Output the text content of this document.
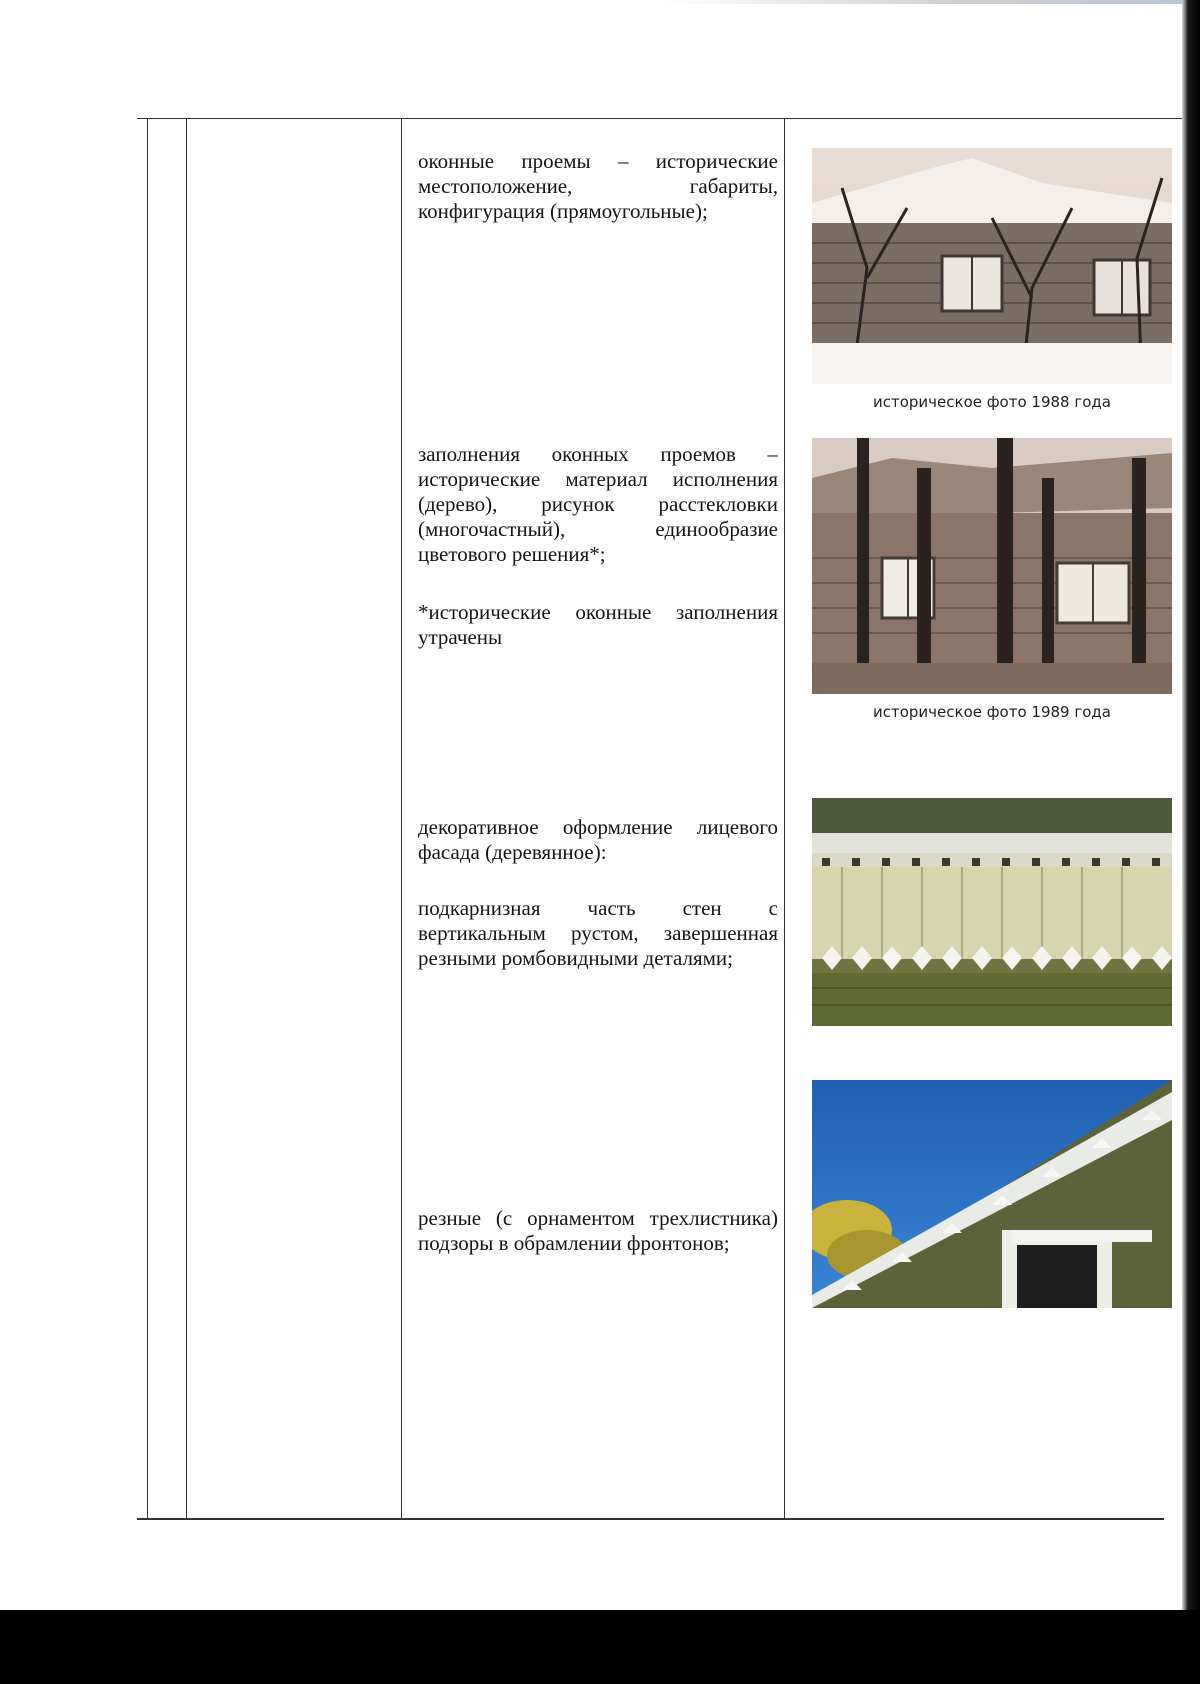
оконные проемы – исторические местоположение, габариты, конфигурация (прямоугольные);
историческое фото 1988 года
заполнения оконных проемов – исторические материал исполнения (дерево), рисунок расстекловки (многочастный), единообразие цветового решения*;
*исторические оконные заполнения утрачены
историческое фото 1989 года
декоративное оформление лицевого фасада (деревянное):
подкарнизная часть стен с вертикальным рустом, завершенная резными ромбовидными деталями;
резные (с орнаментом трехлистника) подзоры в обрамлении фронтонов;
